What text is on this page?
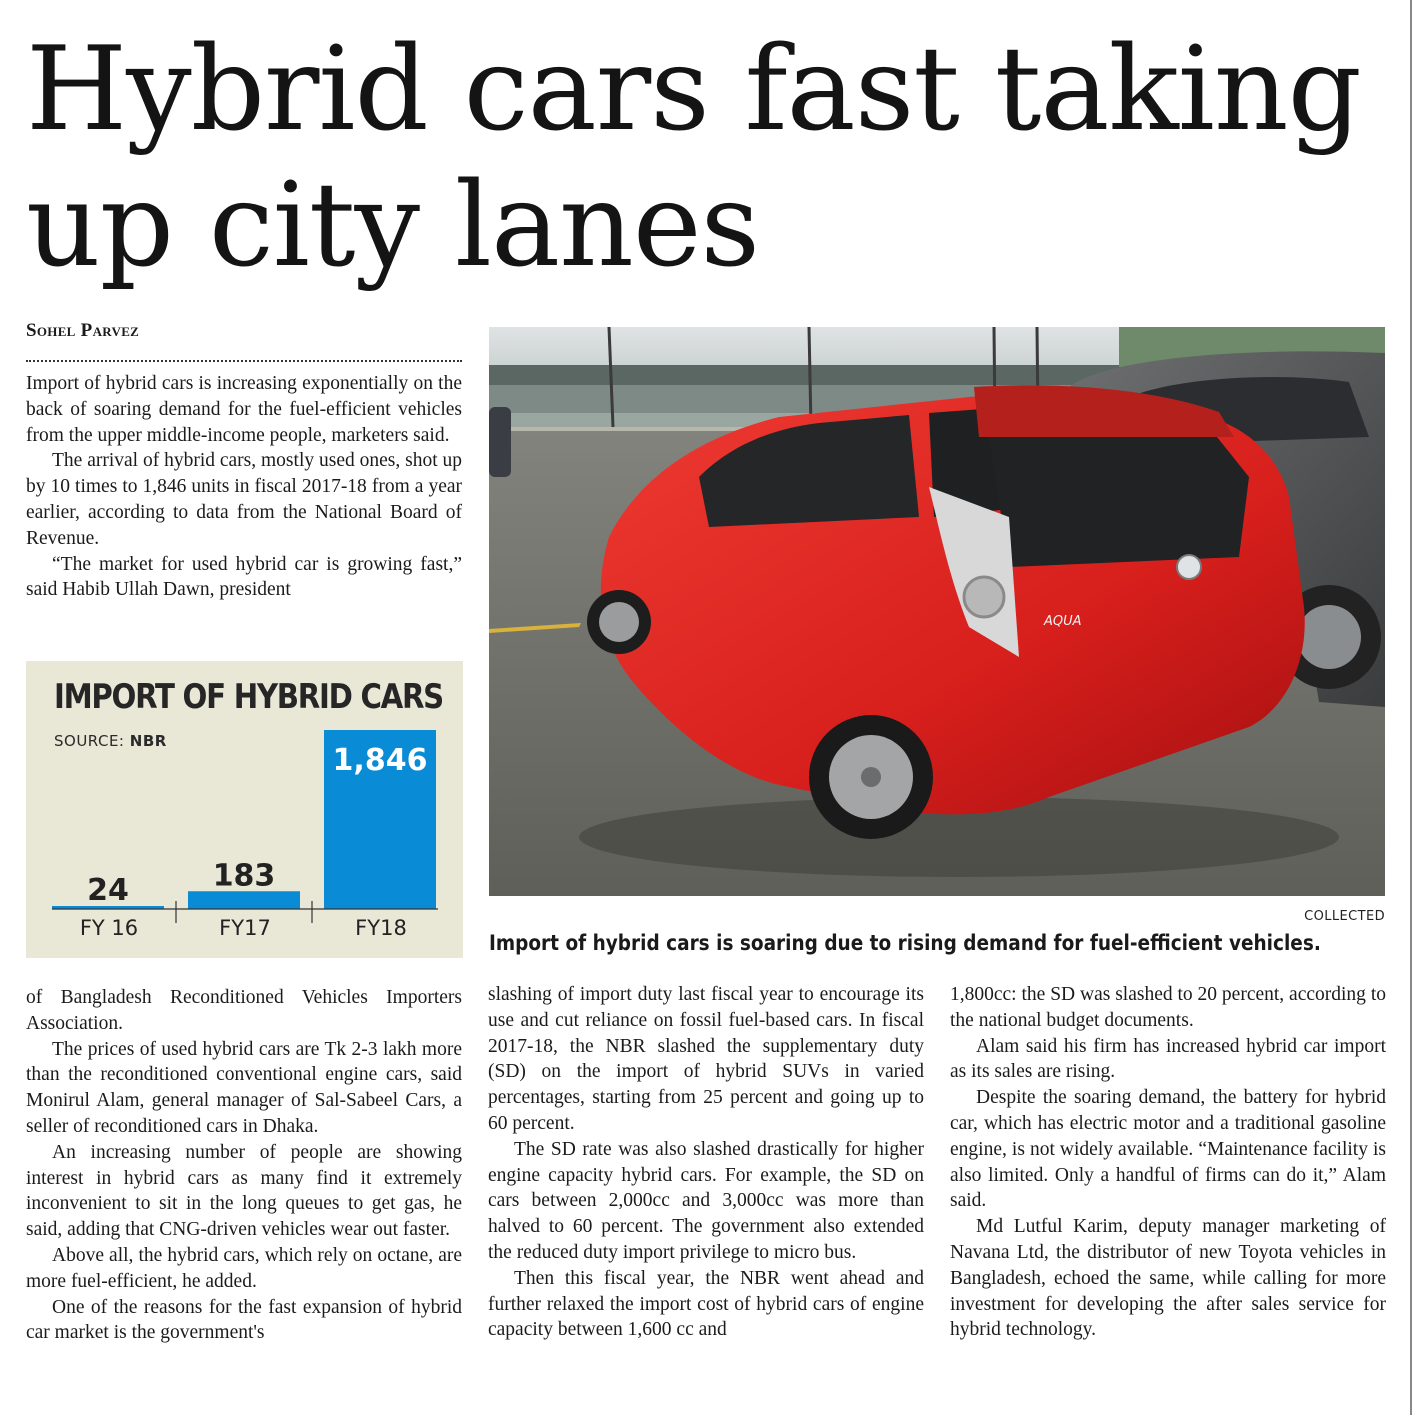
Hybrid cars fast taking up city lanes
Sohel Parvez

Import of hybrid cars is increasing exponentially on the back of soaring demand for the fuel-efficient vehicles from the upper middle-income people, marketers said.

The arrival of hybrid cars, mostly used ones, shot up by 10 times to 1,846 units in fiscal 2017-18 from a year earlier, according to data from the National Board of Revenue.

“The market for used hybrid car is growing fast,” said Habib Ullah Dawn, president

IMPORT OF HYBRID CARS
SOURCE: NBR
24
FY 16
183
FY17
1,846
FY18

of Bangladesh Reconditioned Vehicles Importers Association.

The prices of used hybrid cars are Tk 2-3 lakh more than the reconditioned conventional engine cars, said Monirul Alam, general manager of Sal-Sabeel Cars, a seller of reconditioned cars in Dhaka.

An increasing number of people are showing interest in hybrid cars as many find it extremely inconvenient to sit in the long queues to get gas, he said, adding that CNG-driven vehicles wear out faster.

Above all, the hybrid cars, which rely on octane, are more fuel-efficient, he added.

One of the reasons for the fast expansion of hybrid car market is the government's

AQUA
COLLECTED
Import of hybrid cars is soaring due to rising demand for fuel-efficient vehicles.

slashing of import duty last fiscal year to encourage its use and cut reliance on fossil fuel-based cars. In fiscal 2017-18, the NBR slashed the supplementary duty (SD) on the import of hybrid SUVs in varied percentages, starting from 25 percent and going up to 60 percent.

The SD rate was also slashed drastically for higher engine capacity hybrid cars. For example, the SD on cars between 2,000cc and 3,000cc was more than halved to 60 percent. The government also extended the reduced duty import privilege to micro bus.

Then this fiscal year, the NBR went ahead and further relaxed the import cost of hybrid cars of engine capacity between 1,600 cc and

1,800cc: the SD was slashed to 20 percent, according to the national budget documents.

Alam said his firm has increased hybrid car import as its sales are rising.

Despite the soaring demand, the battery for hybrid car, which has electric motor and a traditional gasoline engine, is not widely available. “Maintenance facility is also limited. Only a handful of firms can do it,” Alam said.

Md Lutful Karim, deputy manager marketing of Navana Ltd, the distributor of new Toyota vehicles in Bangladesh, echoed the same, while calling for more investment for developing the after sales service for hybrid technology.
